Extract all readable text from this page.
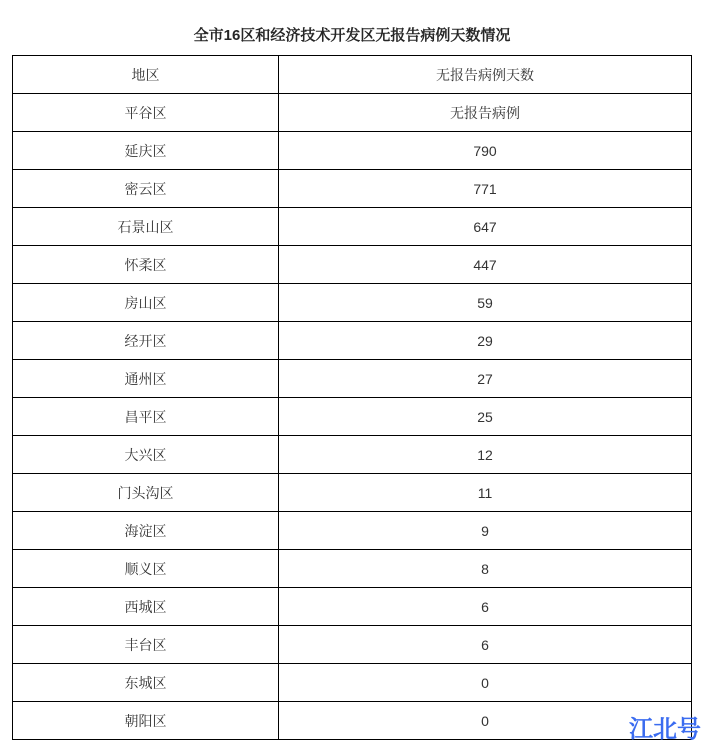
全市16区和经济技术开发区无报告病例天数情况
地区	无报告病例天数
平谷区	无报告病例
延庆区	790
密云区	771
石景山区	647
怀柔区	447
房山区	59
经开区	29
通州区	27
昌平区	25
大兴区	12
门头沟区	11
海淀区	9
顺义区	8
西城区	6
丰台区	6
东城区	0
朝阳区	0	江北号
